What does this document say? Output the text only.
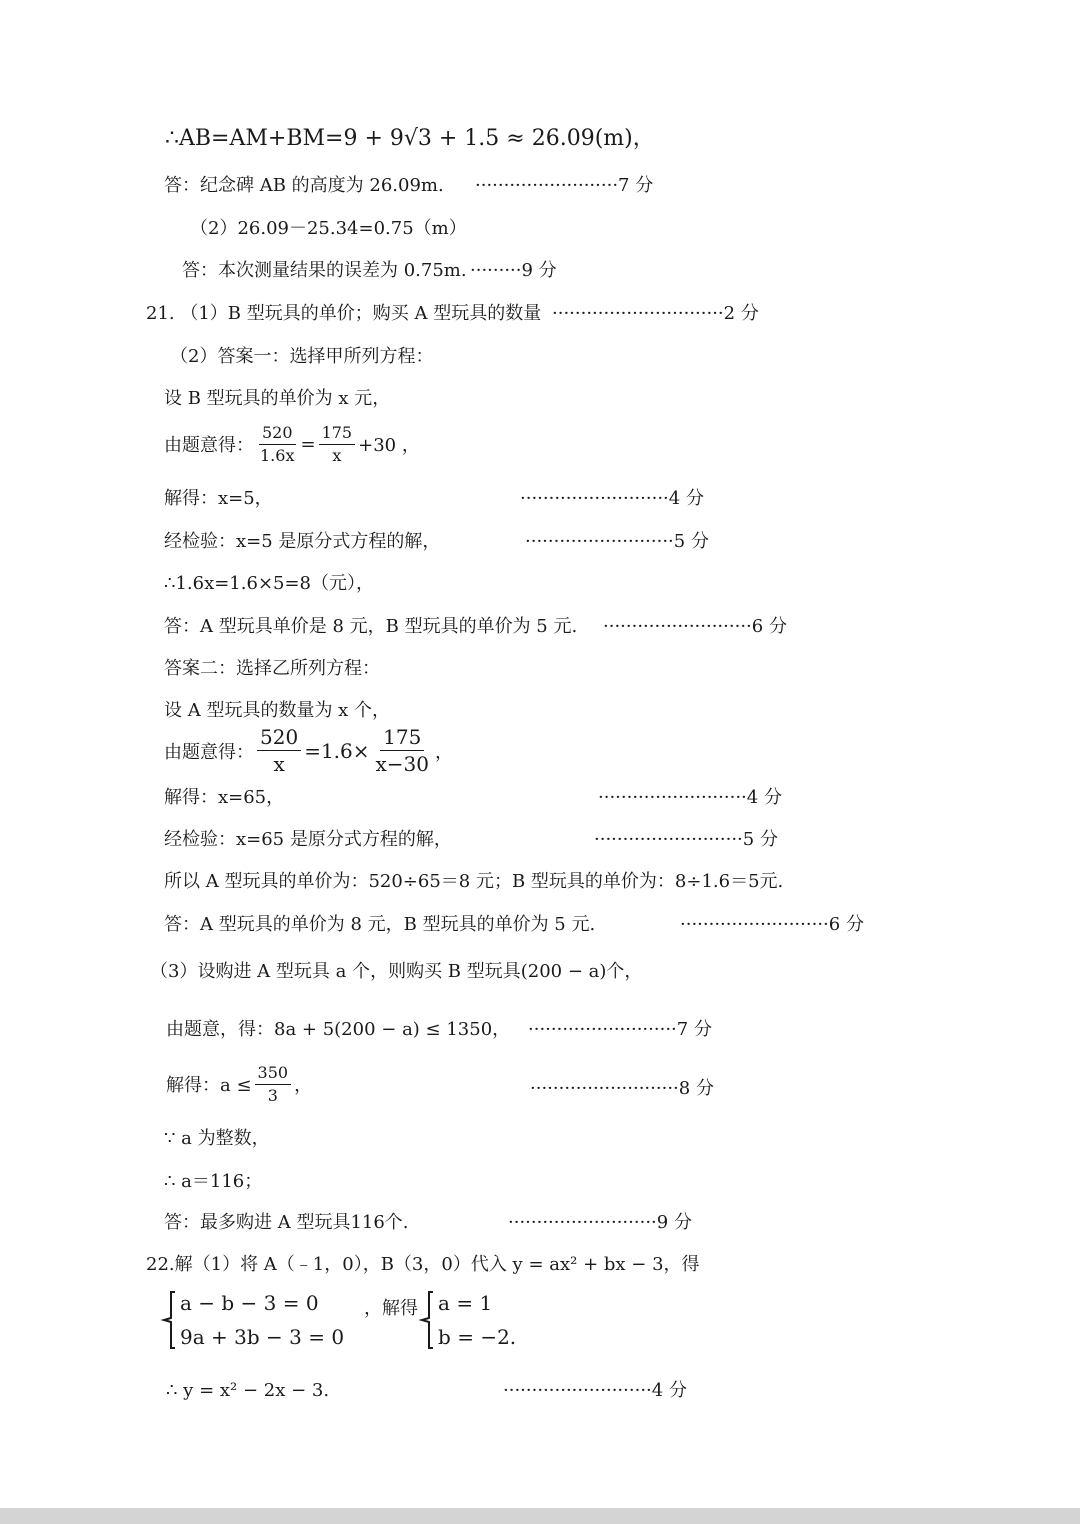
∴AB=AM+BM=9 + 9√3 + 1.5 ≈ 26.09(m)，
答：纪念碑 AB 的高度为 26.09m. ·························7 分
（2）26.09－25.34=0.75（m）
答：本次测量结果的误差为 0.75m. ·········9 分
21. （1）B 型玩具的单价；购买 A 型玩具的数量 ······························2 分
（2）答案一：选择甲所列方程：
设 B 型玩具的单价为 x 元，
由题意得： $\frac{520}{1.6x} = \frac{175}{x} +30$ ，
解得：x=5，	··························4 分
经检验：x=5 是原分式方程的解，	··························5 分
∴1.6x=1.6×5=8（元），
答：A 型玩具单价是 8 元，B 型玩具的单价为 5 元. ··························6 分
答案二：选择乙所列方程：
设 A 型玩具的数量为 x 个，
由题意得： $\frac{520}{x} =1.6\times \frac{175}{x-30}$ ，
解得：x=65，	··························4 分
经检验：x=65 是原分式方程的解，	··························5 分
所以 A 型玩具的单价为：520÷65＝8 元；B 型玩具的单价为：8÷1.6＝5元.
答：A 型玩具的单价为 8 元，B 型玩具的单价为 5 元.	··························6 分
（3）设购进 A 型玩具 a 个，则购买 B 型玩具(200 − a)个，
由题意，得：8a + 5(200 − a) ≤ 1350， ··························7 分
解得：$a \le \frac{350}{3}$ ，	··························8 分
∵ a 为整数，
∴ a＝116；
答：最多购进 A 型玩具116个.	··························9 分
22.解（1）将 A（﹣1，0），B（3，0）代入 y = ax² + bx − 3，得
a − b − 3 = 0
9a + 3b − 3 = 0
，解得 a = 1
b = −2.
∴ y = x² − 2x − 3.	··························4 分
